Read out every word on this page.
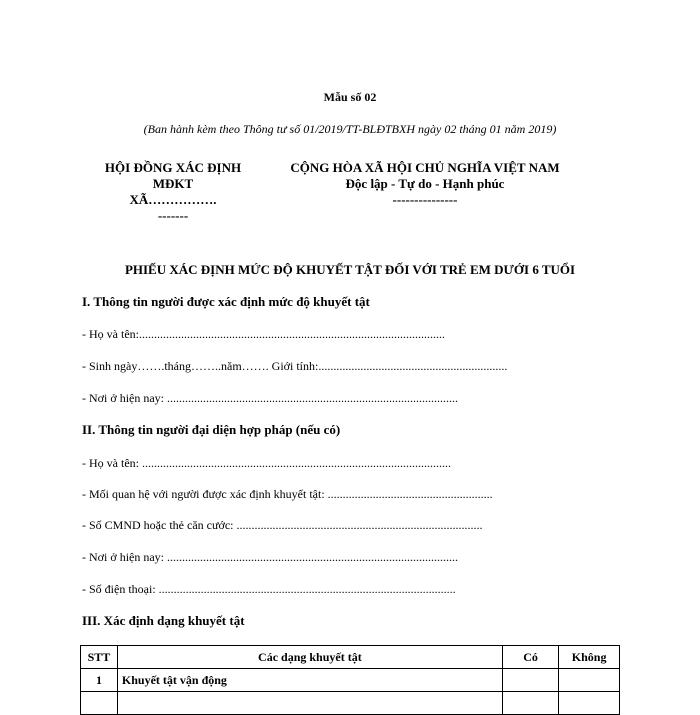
Mẫu số 02
(Ban hành kèm theo Thông tư số 01/2019/TT-BLĐTBXH ngày 02 tháng 01 năm 2019)
HỘI ĐỒNG XÁC ĐỊNH
MĐKT
XÃ…………….
-------
CỘNG HÒA XÃ HỘI CHỦ NGHĨA VIỆT NAM
Độc lập - Tự do - Hạnh phúc
---------------
PHIẾU XÁC ĐỊNH MỨC ĐỘ KHUYẾT TẬT ĐỐI VỚI TRẺ EM DƯỚI 6 TUỔI
I. Thông tin người được xác định mức độ khuyết tật
- Họ và tên:......................................................................................................
- Sinh ngày…….tháng……..năm……. Giới tính:...............................................................
- Nơi ở hiện nay: .................................................................................................
II. Thông tin người đại diện hợp pháp (nếu có)
- Họ và tên: .......................................................................................................
- Mối quan hệ với người được xác định khuyết tật: .......................................................
- Số CMND hoặc thẻ căn cước: ..................................................................................
- Nơi ở hiện nay: .................................................................................................
- Số điện thoại: ...................................................................................................
III. Xác định dạng khuyết tật
STT	Các dạng khuyết tật	Có	Không
1	Khuyết tật vận động		
